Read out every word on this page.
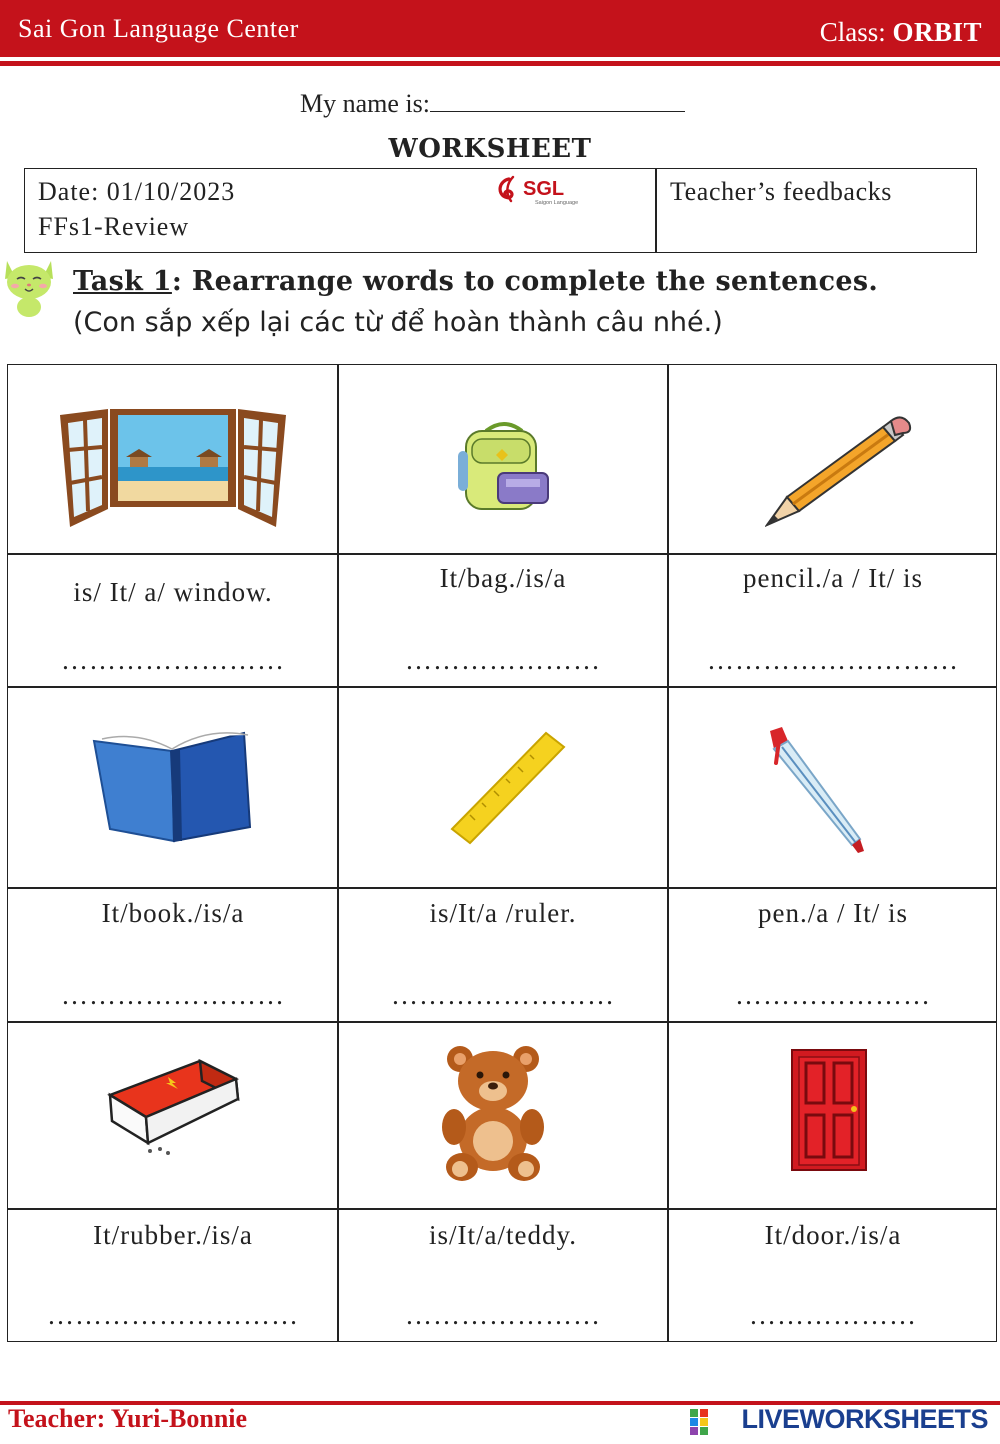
Sai Gon Language Center	Class: ORBIT
My name is:
WORKSHEET
Date: 01/10/2023
FFs1-Review
SGL
Saigon Language	Teacher’s feedbacks
Task 1: Rearrange words to complete the sentences.
(Con sắp xếp lại các từ để hoàn thành câu nhé.)
is/ It/ a/ window.
……………………
It/bag./is/a
…………………
pencil./a / It/ is
………………………
It/book./is/a
……………………
is/It/a /ruler.
……………………
pen./a / It/ is
…………………
It/rubber./is/a
………………………
is/It/a/teddy.
…………………
It/door./is/a
………………
Teacher: Yuri-Bonnie	LIVEWORKSHEETS
